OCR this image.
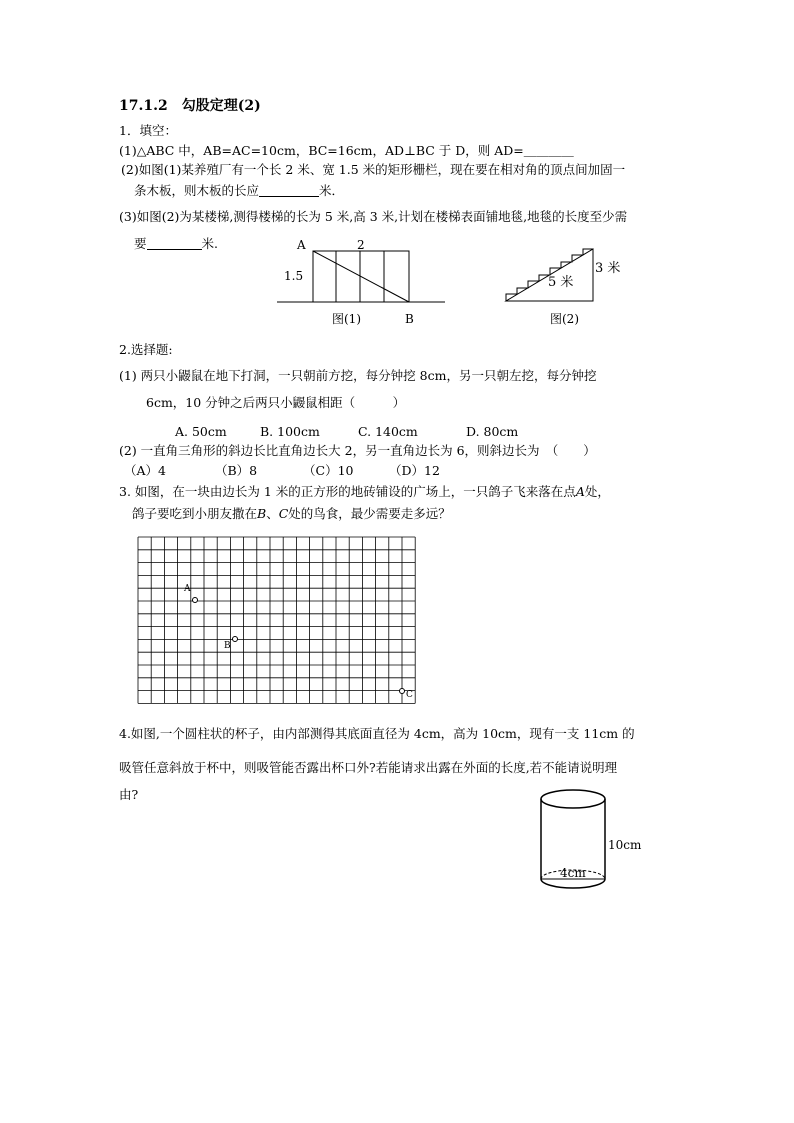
17.1.2　勾股定理(2)
1．填空：
(1)△ABC 中，AB=AC=10cm，BC=16cm，AD⊥BC 于 D，则 AD=＿＿＿＿
(2)如图(1)某养殖厂有一个长 2 米、宽 1.5 米的矩形栅栏，现在要在相对角的顶点间加固一
条木板，则木板的长应	米．
(3)如图(2)为某楼梯,测得楼梯的长为 5 米,高 3 米,计划在楼梯表面铺地毯,地毯的长度至少需
要	米.	A	2
1.5
B
图(1)
5 米
3 米
图(2)
2.选择题:
(1) 两只小鼹鼠在地下打洞，一只朝前方挖，每分钟挖 8cm，另一只朝左挖，每分钟挖
6cm，10 分钟之后两只小鼹鼠相距（　　　）
A. 50cm	B. 100cm	C. 140cm	D. 80cm
(2) 一直角三角形的斜边长比直角边长大 2，另一直角边长为 6，则斜边长为　（　　）
（A）4	（B）8	（C）10	（D）12
3. 如图，在一块由边长为 1 米的正方形的地砖铺设的广场上，一只鸽子飞来落在点A处，
鸽子要吃到小朋友撒在B、C处的鸟食，最少需要走多远？
A
B
C
4.如图,一个圆柱状的杯子，由内部测得其底面直径为 4cm，高为 10cm，现有一支 11cm 的
吸管任意斜放于杯中，则吸管能否露出杯口外?若能请求出露在外面的长度,若不能请说明理
由?
4cm
10cm
